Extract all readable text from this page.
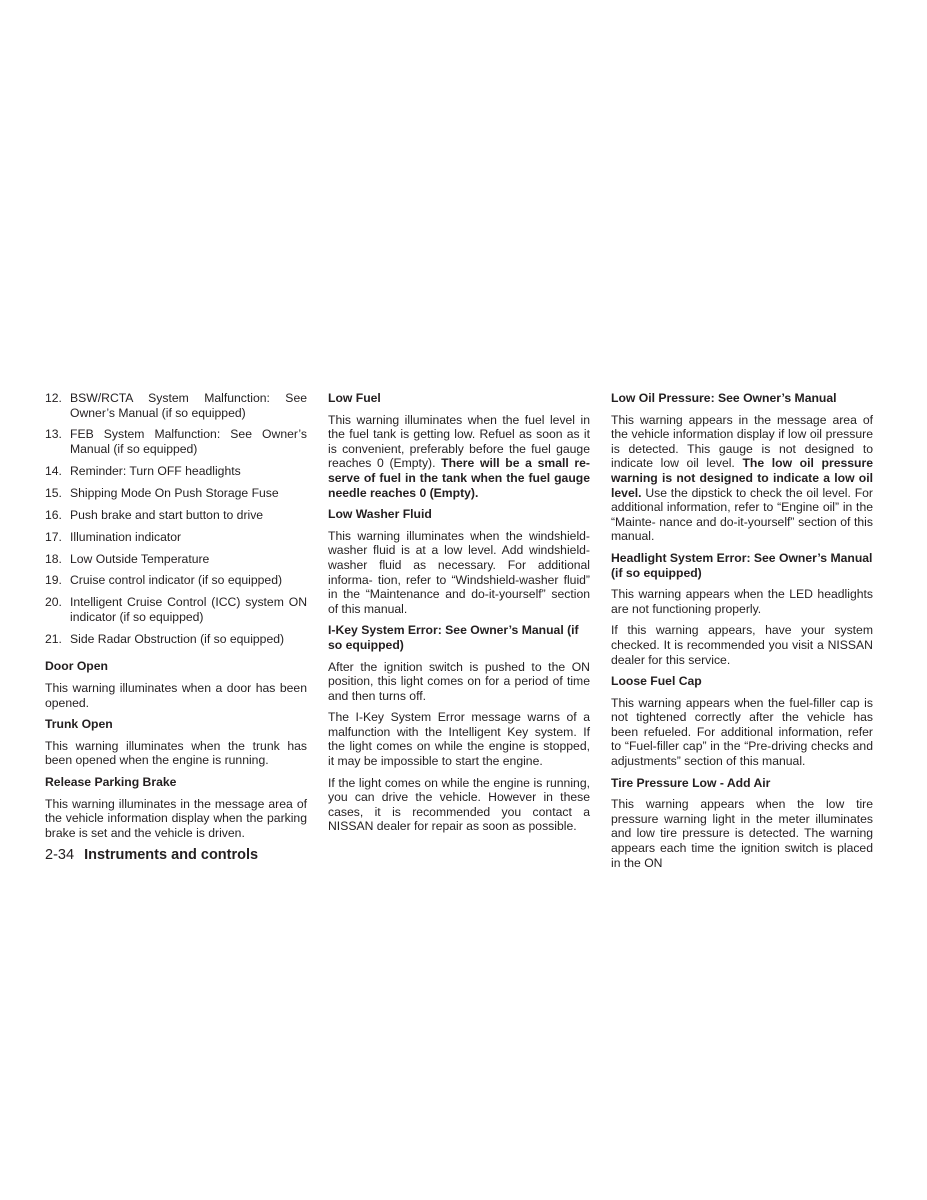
12. BSW/RCTA System Malfunction: See Owner’s Manual (if so equipped)
13. FEB System Malfunction: See Owner’s Manual (if so equipped)
14. Reminder: Turn OFF headlights
15. Shipping Mode On Push Storage Fuse
16. Push brake and start button to drive
17. Illumination indicator
18. Low Outside Temperature
19. Cruise control indicator (if so equipped)
20. Intelligent Cruise Control (ICC) system ON indicator (if so equipped)
21. Side Radar Obstruction (if so equipped)
Door Open

This warning illuminates when a door has been opened.

Trunk Open

This warning illuminates when the trunk has been opened when the engine is running.

Release Parking Brake

This warning illuminates in the message area of the vehicle information display when the parking brake is set and the vehicle is driven.

Low Fuel

This warning illuminates when the fuel level in the fuel tank is getting low. Refuel as soon as it is convenient, preferably before the fuel gauge reaches 0 (Empty). There will be a small re- serve of fuel in the tank when the fuel gauge needle reaches 0 (Empty).

Low Washer Fluid

This warning illuminates when the windshield- washer fluid is at a low level. Add windshield- washer fluid as necessary. For additional informa- tion, refer to “Windshield-washer fluid” in the “Maintenance and do-it-yourself” section of this manual.

I-Key System Error: See Owner’s Manual (if so equipped)

After the ignition switch is pushed to the ON position, this light comes on for a period of time and then turns off.

The I-Key System Error message warns of a malfunction with the Intelligent Key system. If the light comes on while the engine is stopped, it may be impossible to start the engine.

If the light comes on while the engine is running, you can drive the vehicle. However in these cases, it is recommended you contact a NISSAN dealer for repair as soon as possible.

Low Oil Pressure: See Owner’s Manual

This warning appears in the message area of the vehicle information display if low oil pressure is detected. This gauge is not designed to indicate low oil level. The low oil pressure warning is not designed to indicate a low oil level. Use the dipstick to check the oil level. For additional information, refer to “Engine oil” in the “Mainte- nance and do-it-yourself” section of this manual.

Headlight System Error: See Owner’s Manual (if so equipped)

This warning appears when the LED headlights are not functioning properly.

If this warning appears, have your system checked. It is recommended you visit a NISSAN dealer for this service.

Loose Fuel Cap

This warning appears when the fuel-filler cap is not tightened correctly after the vehicle has been refueled. For additional information, refer to “Fuel-filler cap” in the “Pre-driving checks and adjustments” section of this manual.

Tire Pressure Low - Add Air

This warning appears when the low tire pressure warning light in the meter illuminates and low tire pressure is detected. The warning appears each time the ignition switch is placed in the ON

2-34 Instruments and controls
